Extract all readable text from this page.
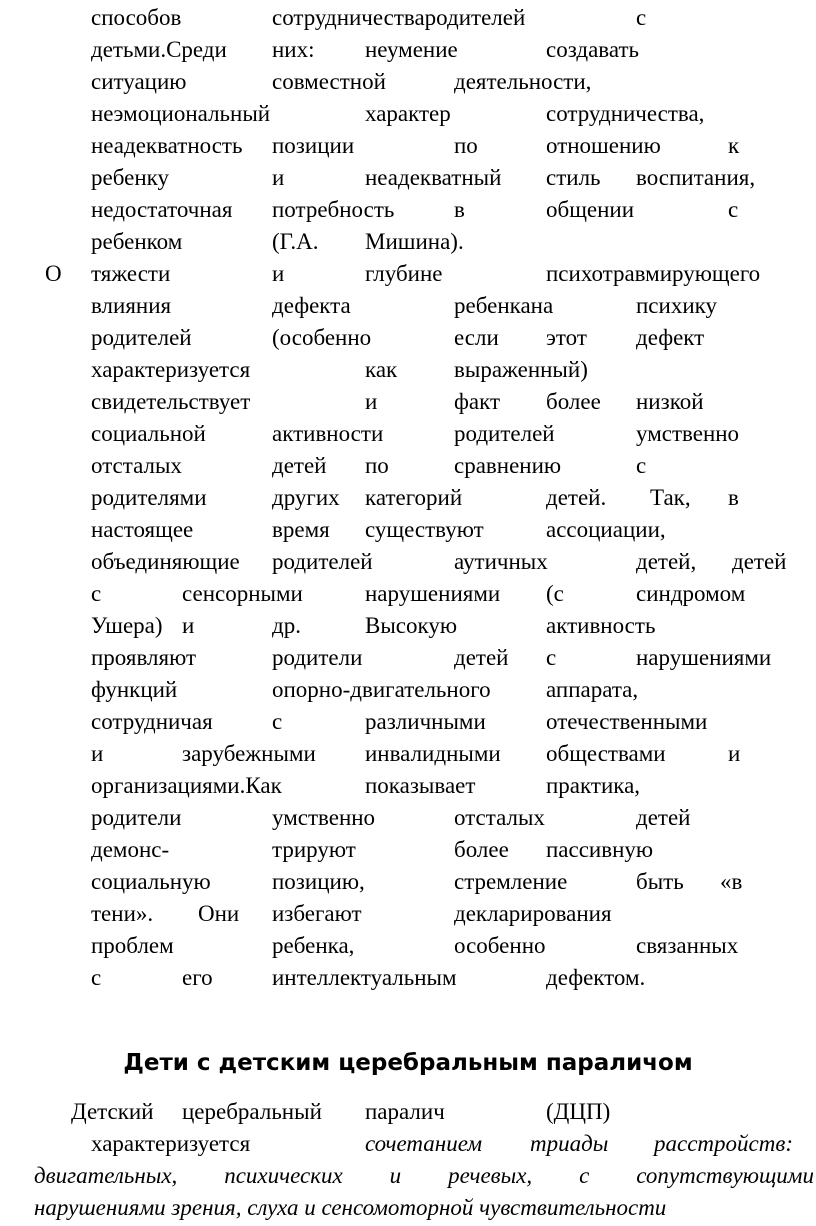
способов	сотрудничествародителей	с
детьми.Среди них: неумение	создавать
ситуацию	совместной	деятельности,
неэмоциональный	характер	сотрудничества,
неадекватность позиции	по	отношению	к
ребенку	и	неадекватный стиль воспитания,
недостаточная потребность	в	общении	с
ребенком	(Г.А. Мишина).
О тяжести	и	глубине	психотравмирующего
влияния	дефекта	ребенкана	психику
родителей	(особенно	если этот дефект
характеризуется	как выраженный)
свидетельствует	и	факт более низкой
социальной	активности	родителей	умственно
отсталых	детей по	сравнению	с
родителями	других категорий	детей. Так, в
настоящее	время существуют	ассоциации,
объединяющие родителей	аутичных	детей, детей
с	сенсорными	нарушениями (с	синдромом
Ушера) и	др.	Высокую	активность
проявляют	родители	детей с	нарушениями
функций	опорно-двигательного аппарата,
сотрудничая	с	различными	отечественными
и	зарубежными инвалидными обществами	и
организациями.Как	показывает	практика,
родители	умственно	отсталых	детей
демонс-	трируют	более пассивную
социальную	позицию,	стремление	быть «в
тени». Они избегают	декларирования
проблем	ребенка,	особенно	связанных
с	его	интеллектуальным	дефектом.
Дети с детским церебральным параличом
Детский церебральный паралич	(ДЦП)
характеризуется	сочетанием триады расстройств:
двигательных, психических и речевых, с сопутствующими
нарушениями зрения, слуха и сенсомоторной чувствительности
